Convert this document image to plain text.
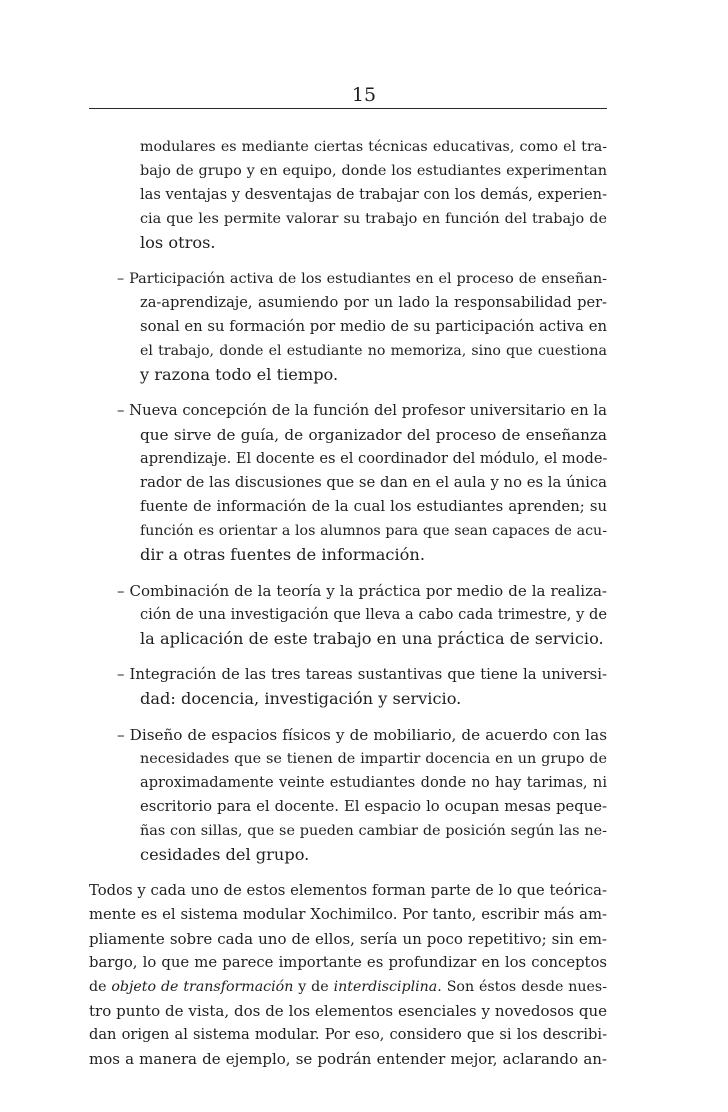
15
modulares es mediante ciertas técnicas educativas, como el tra-
bajo de grupo y en equipo, donde los estudiantes experimentan
las ventajas y desventajas de trabajar con los demás, experien-
cia que les permite valorar su trabajo en función del trabajo de
los otros.
– Participación activa de los estudiantes en el proceso de enseñan-
za-aprendizaje, asumiendo por un lado la responsabilidad per-
sonal en su formación por medio de su participación activa en
el trabajo, donde el estudiante no memoriza, sino que cuestiona
y razona todo el tiempo.
– Nueva concepción de la función del profesor universitario en la
que sirve de guía, de organizador del proceso de enseñanza
aprendizaje. El docente es el coordinador del módulo, el mode-
rador de las discusiones que se dan en el aula y no es la única
fuente de información de la cual los estudiantes aprenden; su
función es orientar a los alumnos para que sean capaces de acu-
dir a otras fuentes de información.
– Combinación de la teoría y la práctica por medio de la realiza-
ción de una investigación que lleva a cabo cada trimestre, y de
la aplicación de este trabajo en una práctica de servicio.
– Integración de las tres tareas sustantivas que tiene la universi-
dad: docencia, investigación y servicio.
– Diseño de espacios físicos y de mobiliario, de acuerdo con las
necesidades que se tienen de impartir docencia en un grupo de
aproximadamente veinte estudiantes donde no hay tarimas, ni
escritorio para el docente. El espacio lo ocupan mesas peque-
ñas con sillas, que se pueden cambiar de posición según las ne-
cesidades del grupo.
Todos y cada uno de estos elementos forman parte de lo que teórica-
mente es el sistema modular Xochimilco. Por tanto, escribir más am-
pliamente sobre cada uno de ellos, sería un poco repetitivo; sin em-
bargo, lo que me parece importante es profundizar en los conceptos
de objeto de transformación y de interdisciplina. Son éstos desde nues-
tro punto de vista, dos de los elementos esenciales y novedosos que
dan origen al sistema modular. Por eso, considero que si los describi-
mos a manera de ejemplo, se podrán entender mejor, aclarando an-
